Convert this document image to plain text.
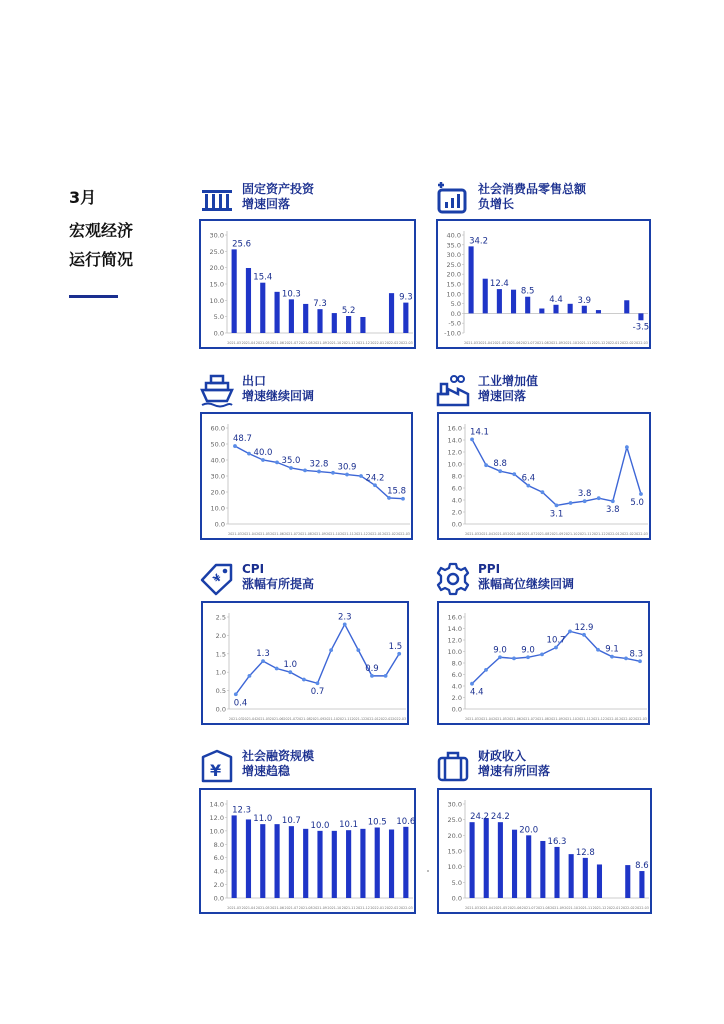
3月
宏观经济
运行简况
固定资产投资
增速回落
30.0
25.0
20.0
15.0
10.0
5.0
0.0
2021-03 2021-04 2021-05 2021-06 2021-07 2021-08 2021-09 2021-10 2021-11 2021-12 2022-01 2022-02 2022-03
25.6
15.4
10.3
7.3
5.2
9.3
社会消费品零售总额
负增长
40.0
35.0
30.0
25.0
20.0
15.0
10.0
5.0
0.0
-5.0
-10.0
2021-03 2021-04 2021-05 2021-06 2021-07 2021-08 2021-09 2021-10 2021-11 2021-12 2022-01 2022-02 2022-03
34.2
12.4
8.5
4.4 3.9
-3.5
出口
增速继续回调
60.0
50.0
40.0
30.0
20.0
10.0
0.0
2021-03 2021-04 2021-05 2021-06 2021-07 2021-08 2021-09 2021-10 2021-11 2021-12 2022-01 2022-02 2022-03
48.7
40.0
35.0 32.8 30.9
24.2
15.8
工业增加值
增速回落
16.0
14.0
12.0
10.0
8.0
6.0
4.0
2.0
0.0
2021-03 2021-04 2021-05 2021-06 2021-07 2021-08 2021-09 2021-10 2021-11 2021-12 2022-01 2022-02 2022-03
14.1
8.8
6.4
3.1
3.8
3.8
5.0
¥
CPI
涨幅有所提高
2.5
2.0
1.5
1.0
0.5
0.0
2021-03 2021-04 2021-05 2021-06 2021-07 2021-08 2021-09 2021-10 2021-11 2021-12 2022-01 2022-02 2022-03
0.4
1.3
1.0
0.7
2.3
0.9
1.5
PPI
涨幅高位继续回调
16.0
14.0
12.0
10.0
8.0
6.0
4.0
2.0
0.0
2021-03 2021-04 2021-05 2021-06 2021-07 2021-08 2021-09 2021-10 2021-11 2021-12 2022-01 2022-02 2022-03
4.4
9.0 9.0
10.7
12.9
9.1 8.3
¥
社会融资规模
增速趋稳
14.0
12.0
10.0
8.0
6.0
4.0
2.0
0.0
2021-03 2021-04 2021-05 2021-06 2021-07 2021-08 2021-09 2021-10 2021-11 2021-12 2022-01 2022-02 2022-03
12.3
11.0 10.7 10.0 10.1 10.5 10.6
财政收入
增速有所回落
30.0
25.0
20.0
15.0
10.0
5.0
0.0
2021-03 2021-04 2021-05 2021-06 2021-07 2021-08 2021-09 2021-10 2021-11 2021-12 2022-01 2022-02 2022-03
24.2 24.2
20.0
16.3
12.8
8.6
